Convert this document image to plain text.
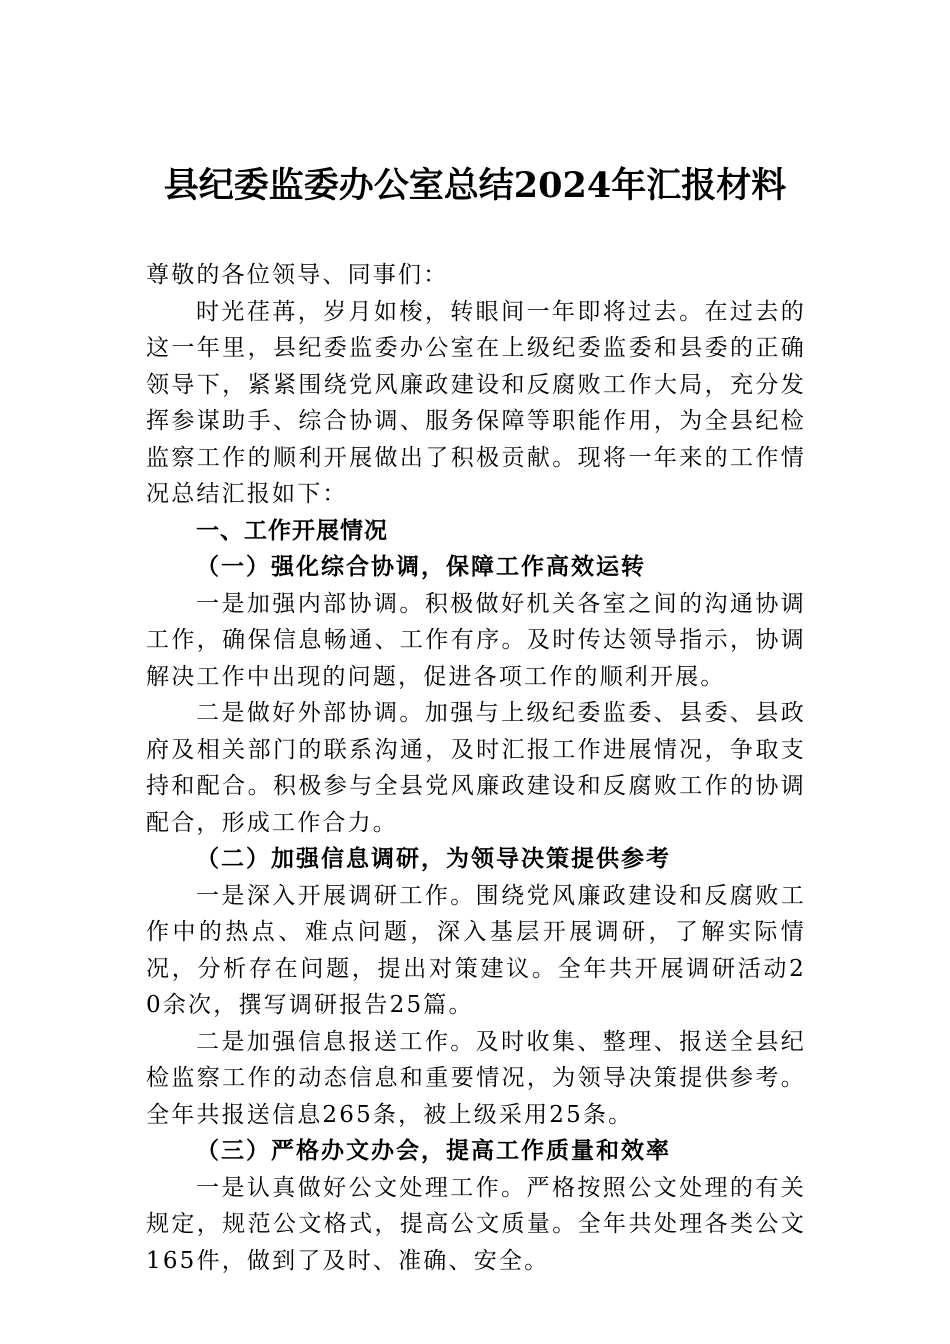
县纪委监委办公室总结2024年汇报材料

尊敬的各位领导、同事们：

时光荏苒，岁月如梭，转眼间一年即将过去。在过去的这一年里，县纪委监委办公室在上级纪委监委和县委的正确领导下，紧紧围绕党风廉政建设和反腐败工作大局，充分发挥参谋助手、综合协调、服务保障等职能作用，为全县纪检监察工作的顺利开展做出了积极贡献。现将一年来的工作情况总结汇报如下：

一、工作开展情况

（一）强化综合协调，保障工作高效运转

一是加强内部协调。积极做好机关各室之间的沟通协调工作，确保信息畅通、工作有序。及时传达领导指示，协调解决工作中出现的问题，促进各项工作的顺利开展。

二是做好外部协调。加强与上级纪委监委、县委、县政府及相关部门的联系沟通，及时汇报工作进展情况，争取支持和配合。积极参与全县党风廉政建设和反腐败工作的协调配合，形成工作合力。

（二）加强信息调研，为领导决策提供参考

一是深入开展调研工作。围绕党风廉政建设和反腐败工作中的热点、难点问题，深入基层开展调研，了解实际情况，分析存在问题，提出对策建议。全年共开展调研活动20余次，撰写调研报告25篇。

二是加强信息报送工作。及时收集、整理、报送全县纪检监察工作的动态信息和重要情况，为领导决策提供参考。全年共报送信息265条，被上级采用25条。

（三）严格办文办会，提高工作质量和效率

一是认真做好公文处理工作。严格按照公文处理的有关规定，规范公文格式，提高公文质量。全年共处理各类公文165件，做到了及时、准确、安全。
